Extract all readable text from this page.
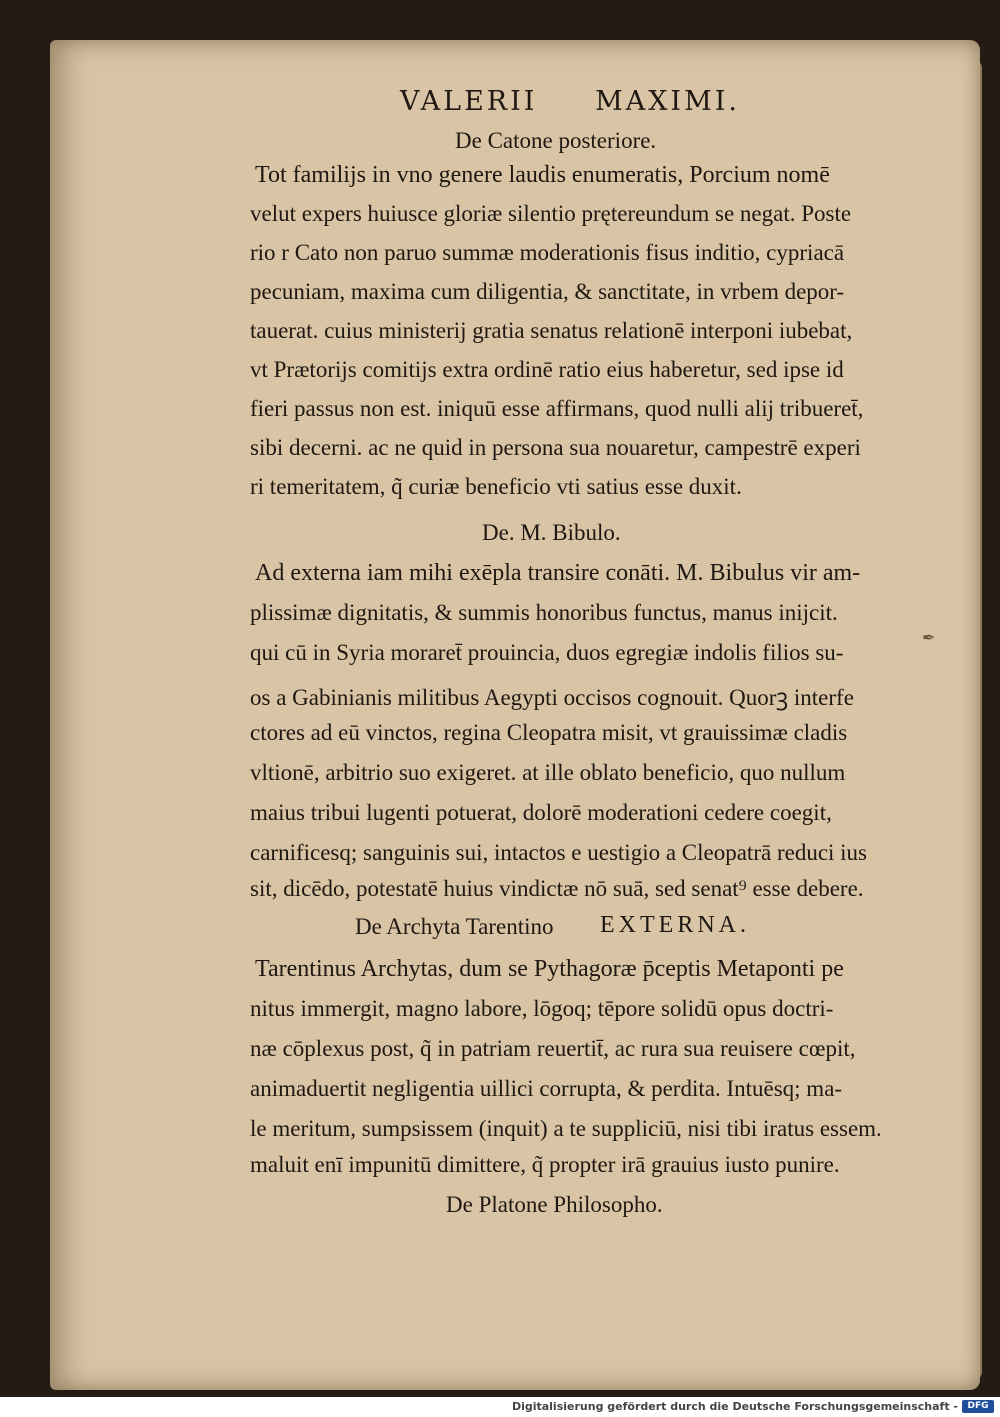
VALERII MAXIMI.
De Catone posteriore.
Tot familijs in vno genere laudis enumeratis, Porcium nomē
velut expers huiusce gloriæ silentio prętereundum se negat. Poste
rio r Cato non paruo summæ moderationis fisus inditio, cypriacā
pecuniam, maxima cum diligentia, & sanctitate, in vrbem depor-
tauerat. cuius ministerij gratia senatus relationē interponi iubebat,
vt Prætorijs comitijs extra ordinē ratio eius haberetur, sed ipse id
fieri passus non est. iniquū esse affirmans, quod nulli alij tribueret̄,
sibi decerni. ac ne quid in persona sua nouaretur, campestrē experi
ri temeritatem, q̃ curiæ beneficio vti satius esse duxit.
De. M. Bibulo.
Ad externa iam mihi exēpla transire conāti. M. Bibulus vir am-
plissimæ dignitatis, & summis honoribus functus, manus inijcit.
qui cū in Syria moraret̄ prouincia, duos egregiæ indolis filios su-
os a Gabinianis militibus Aegypti occisos cognouit. Quorꝫ interfe
ctores ad eū vinctos, regina Cleopatra misit, vt grauissimæ cladis
vltionē, arbitrio suo exigeret. at ille oblato beneficio, quo nullum
maius tribui lugenti potuerat, dolorē moderationi cedere coegit,
carnificesq; sanguinis sui, intactos e uestigio a Cleopatrā reduci ius
sit, dicēdo, potestatē huius vindictæ nō suā, sed senat⁹ esse debere.
De Archyta Tarentino EXTERNA.
Tarentinus Archytas, dum se Pythagoræ p̄ceptis Metaponti pe
nitus immergit, magno labore, lōgoq; tēpore solidū opus doctri-
næ cōplexus post, q̃ in patriam reuertit̄, ac rura sua reuisere cœpit,
animaduertit negligentia uillici corrupta, & perdita. Intuēsq; ma-
le meritum, sumpsissem (inquit) a te suppliciū, nisi tibi iratus essem.
maluit enī impunitū dimittere, q̃ propter irā grauius iusto punire.
De Platone Philosopho.
✒
Digitalisierung gefördert durch die Deutsche Forschungsgemeinschaft -	DFG
